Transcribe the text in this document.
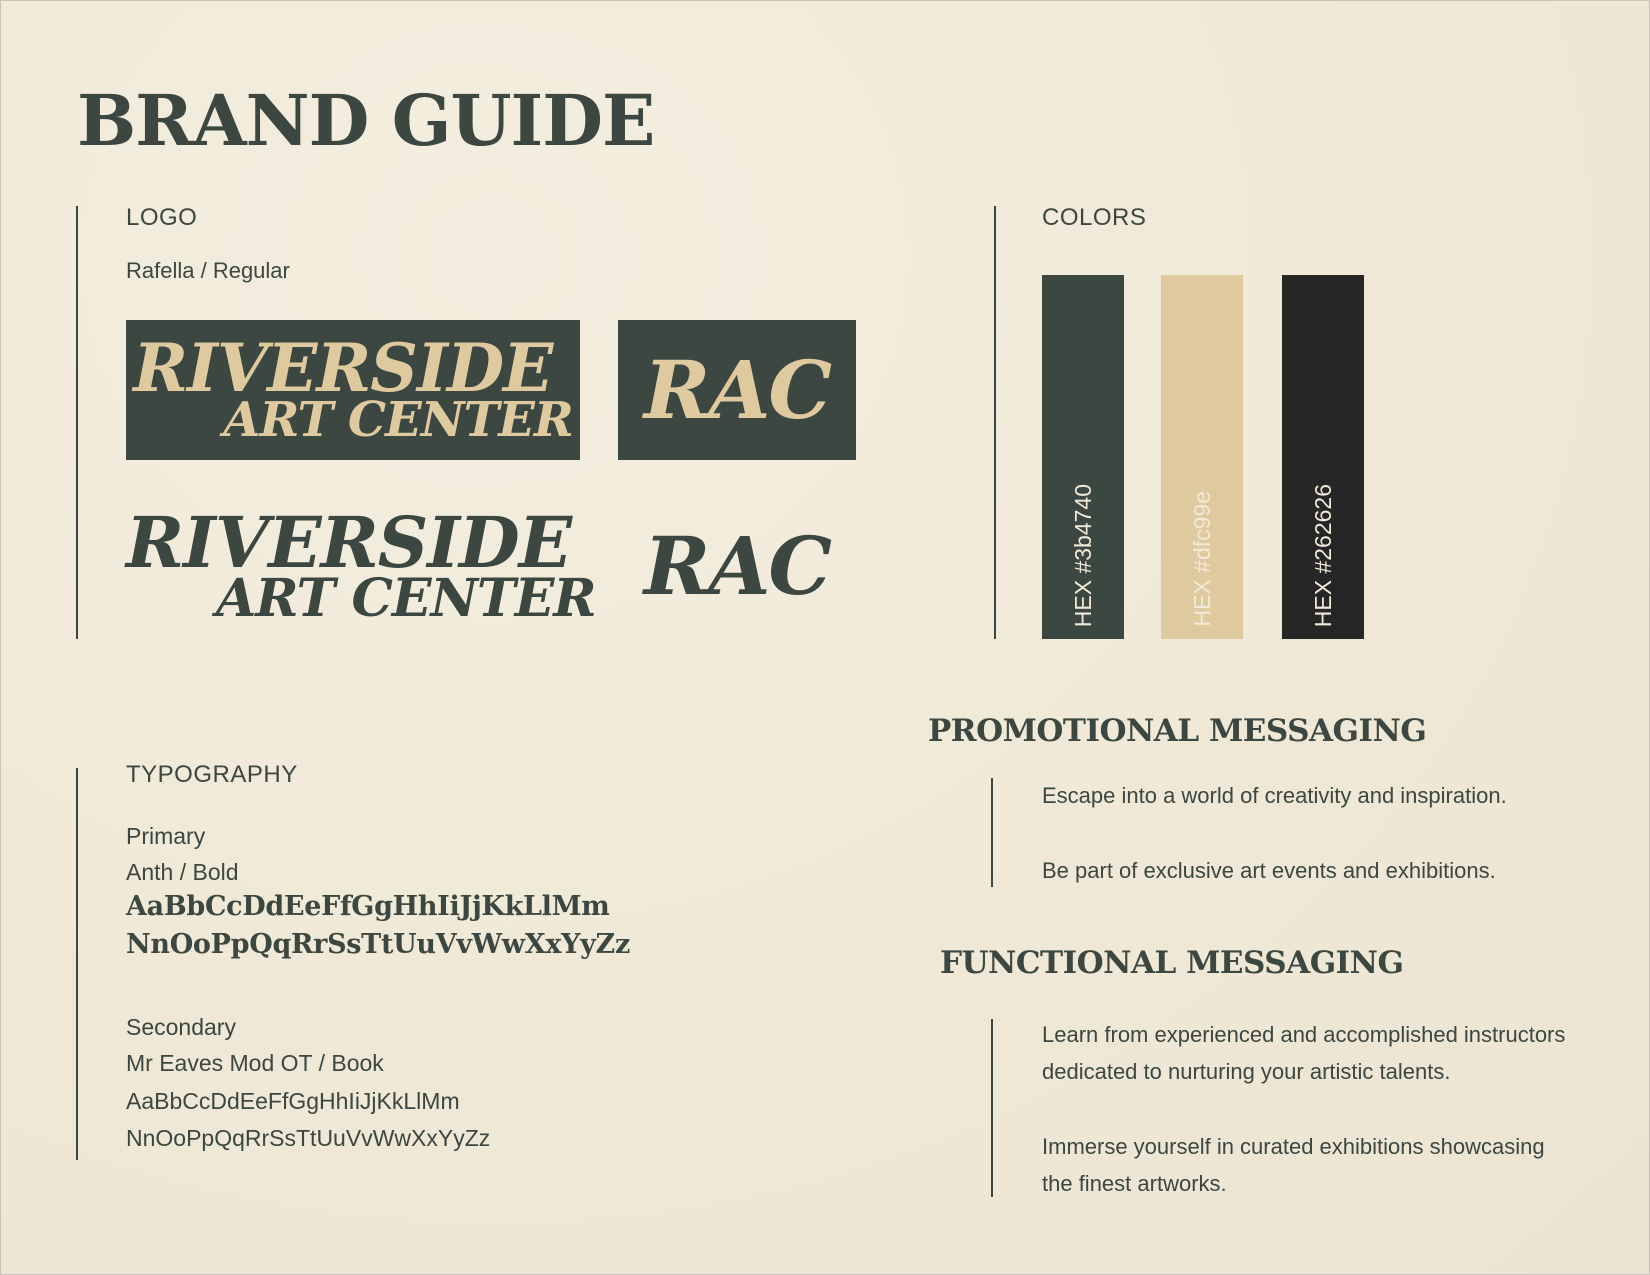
BRAND GUIDE
LOGO
Rafella / Regular
RIVERSIDE
ART CENTER RAC
RIVERSIDE
ART CENTER RAC
COLORS
HEX #3b4740	HEX #dfc99e	HEX #262626
TYPOGRAPHY
Primary
Anth / Bold
AaBbCcDdEeFfGgHhIiJjKkLlMm
NnOoPpQqRrSsTtUuVvWwXxYyZz
Secondary
Mr Eaves Mod OT / Book
AaBbCcDdEeFfGgHhIiJjKkLlMm
NnOoPpQqRrSsTtUuVvWwXxYyZz
PROMOTIONAL MESSAGING

Escape into a world of creativity and inspiration.

Be part of exclusive art events and exhibitions.

FUNCTIONAL MESSAGING

Learn from experienced and accomplished instructors

dedicated to nurturing your artistic talents.

Immerse yourself in curated exhibitions showcasing

the finest artworks.
